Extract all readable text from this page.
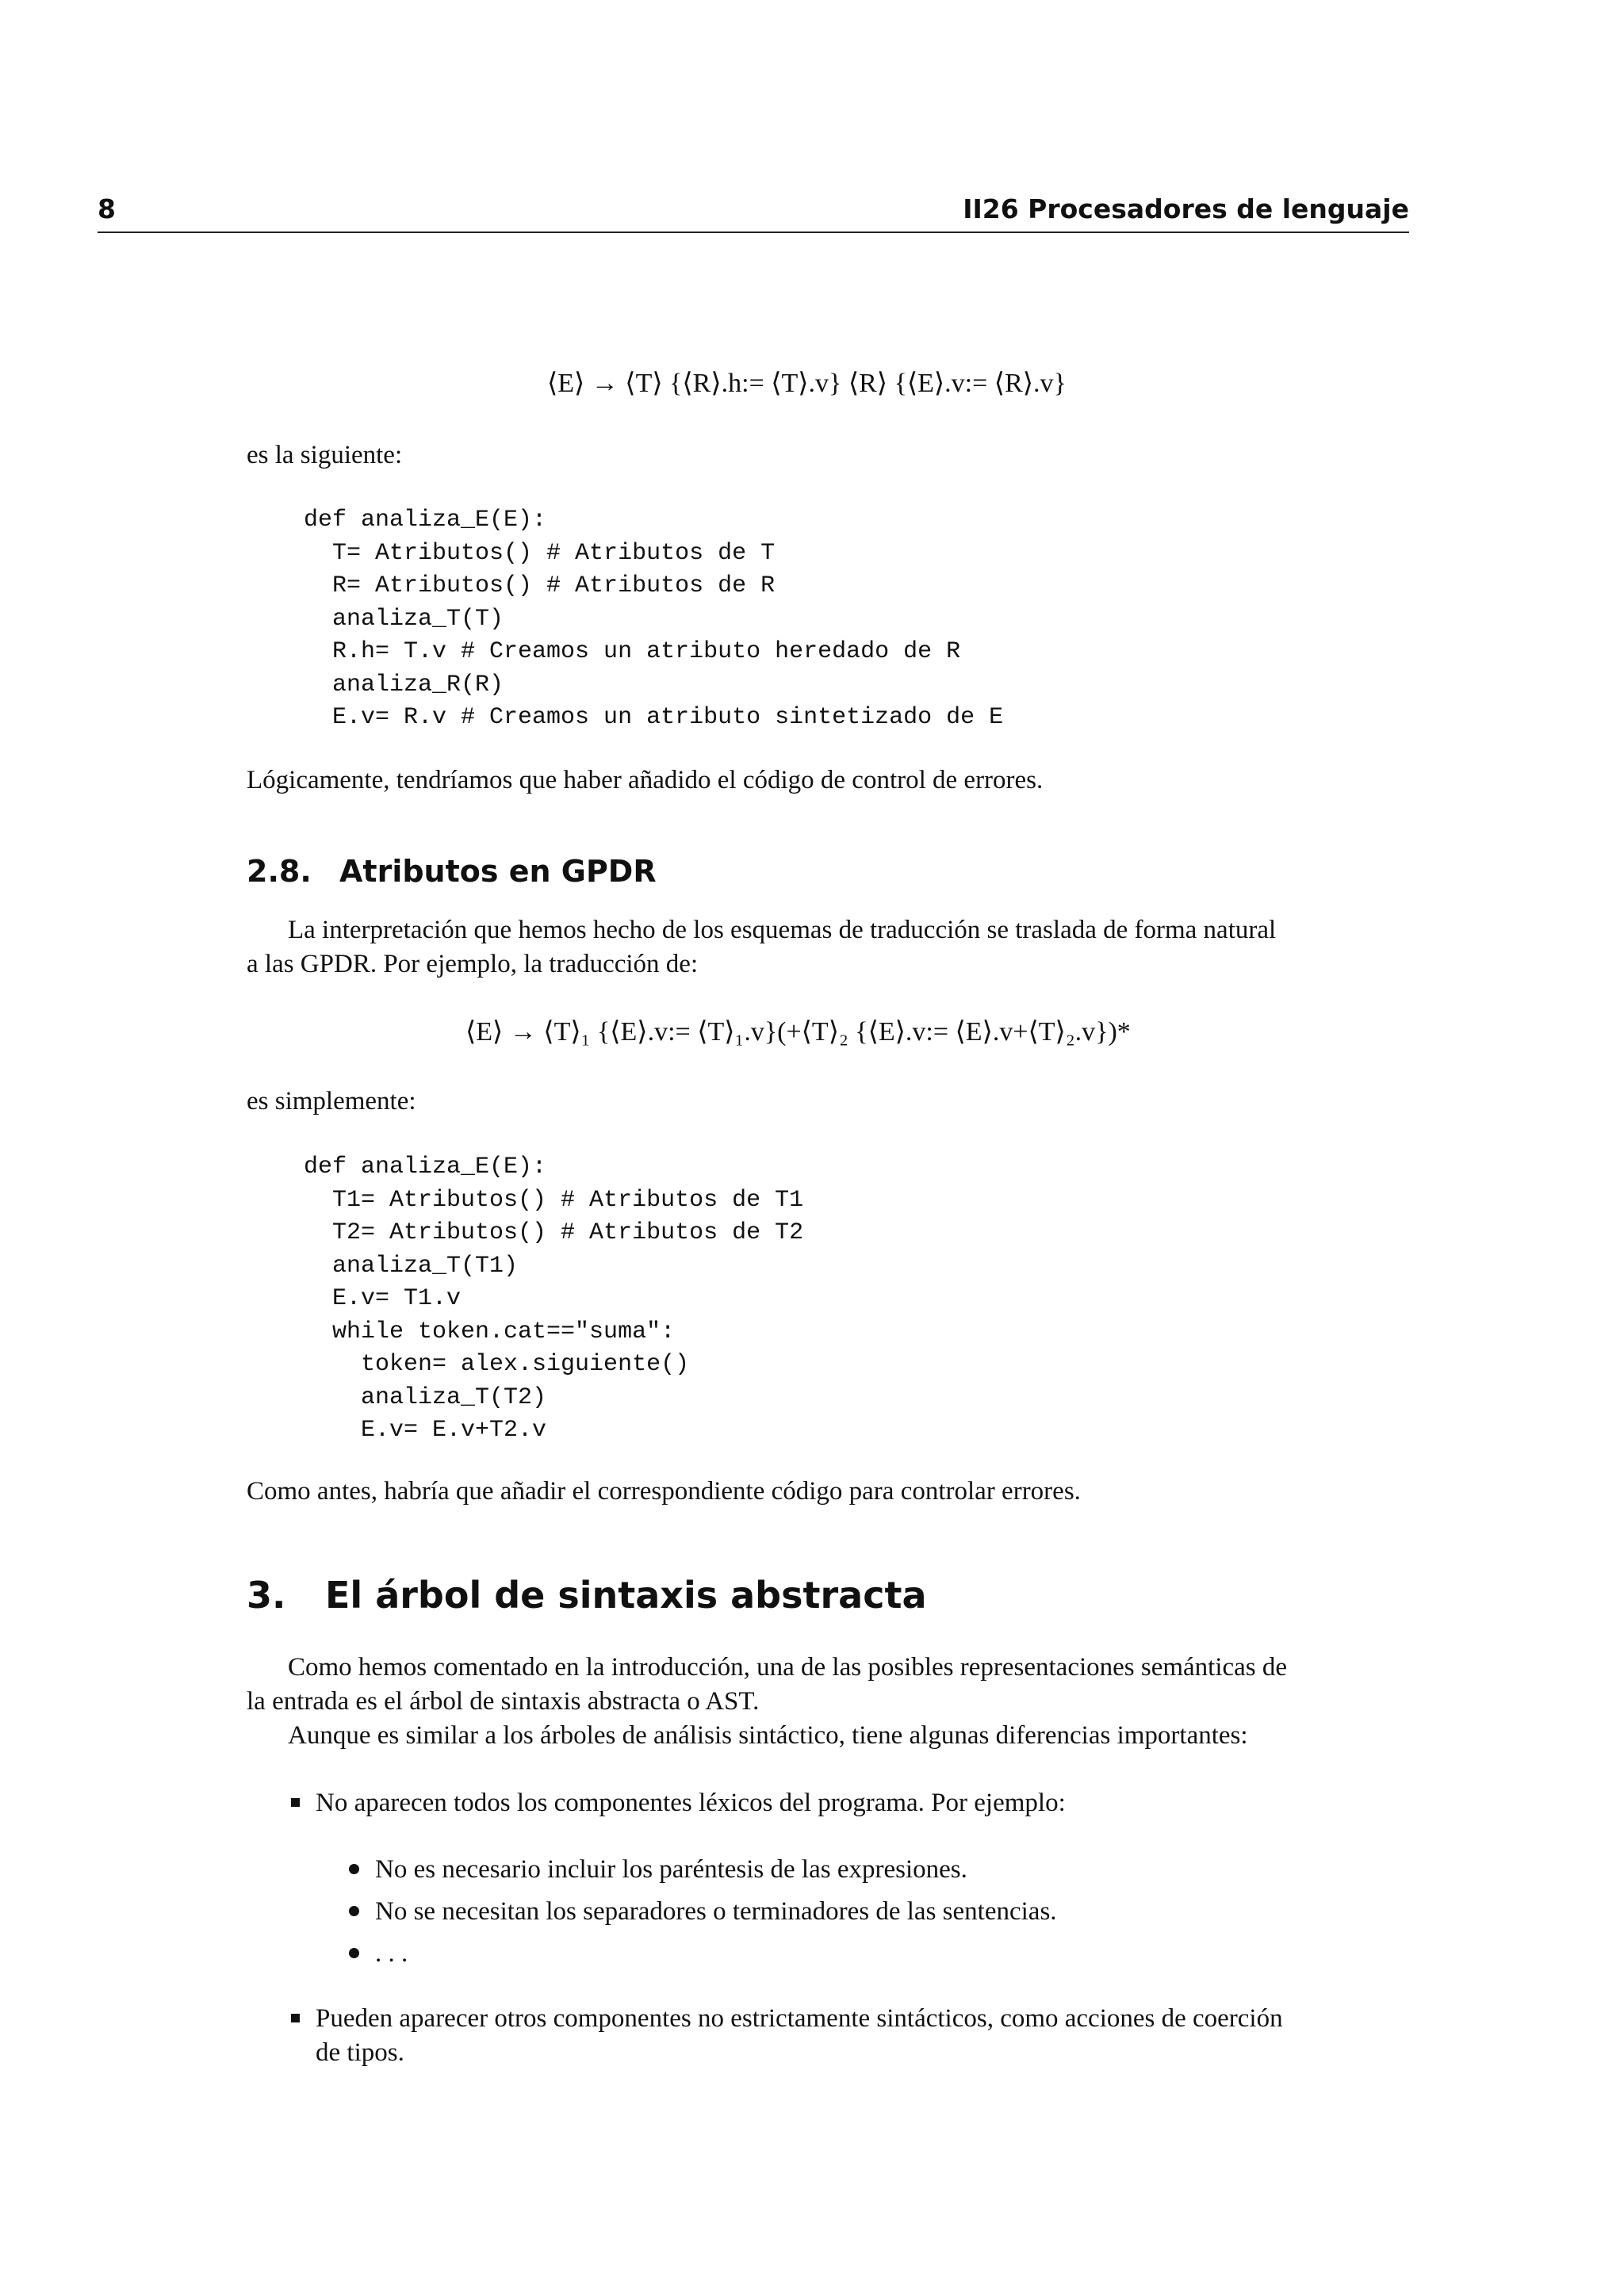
8	II26 Procesadores de lenguaje
⟨E⟩ → ⟨T⟩ {⟨R⟩.h:= ⟨T⟩.v} ⟨R⟩ {⟨E⟩.v:= ⟨R⟩.v}
es la siguiente:
def analiza_E(E):
T= Atributos() # Atributos de T
R= Atributos() # Atributos de R
analiza_T(T)
R.h= T.v # Creamos un atributo heredado de R
analiza_R(R)
E.v= R.v # Creamos un atributo sintetizado de E
Lógicamente, tendríamos que haber añadido el código de control de errores.
2.8. Atributos en GPDR
La interpretación que hemos hecho de los esquemas de traducción se traslada de forma natural
a las GPDR. Por ejemplo, la traducción de:
⟨E⟩ → ⟨T⟩₁ {⟨E⟩.v:= ⟨T⟩₁.v}(+⟨T⟩₂ {⟨E⟩.v:= ⟨E⟩.v+⟨T⟩₂.v})*
es simplemente:
def analiza_E(E):
T1= Atributos() # Atributos de T1
T2= Atributos() # Atributos de T2
analiza_T(T1)
E.v= T1.v
while token.cat=="suma":
token= alex.siguiente()
analiza_T(T2)
E.v= E.v+T2.v
Como antes, habría que añadir el correspondiente código para controlar errores.
3. El árbol de sintaxis abstracta
Como hemos comentado en la introducción, una de las posibles representaciones semánticas de
la entrada es el árbol de sintaxis abstracta o AST.
Aunque es similar a los árboles de análisis sintáctico, tiene algunas diferencias importantes:
No aparecen todos los componentes léxicos del programa. Por ejemplo:
No es necesario incluir los paréntesis de las expresiones.
No se necesitan los separadores o terminadores de las sentencias.
. . .
Pueden aparecer otros componentes no estrictamente sintácticos, como acciones de coerción
de tipos.
